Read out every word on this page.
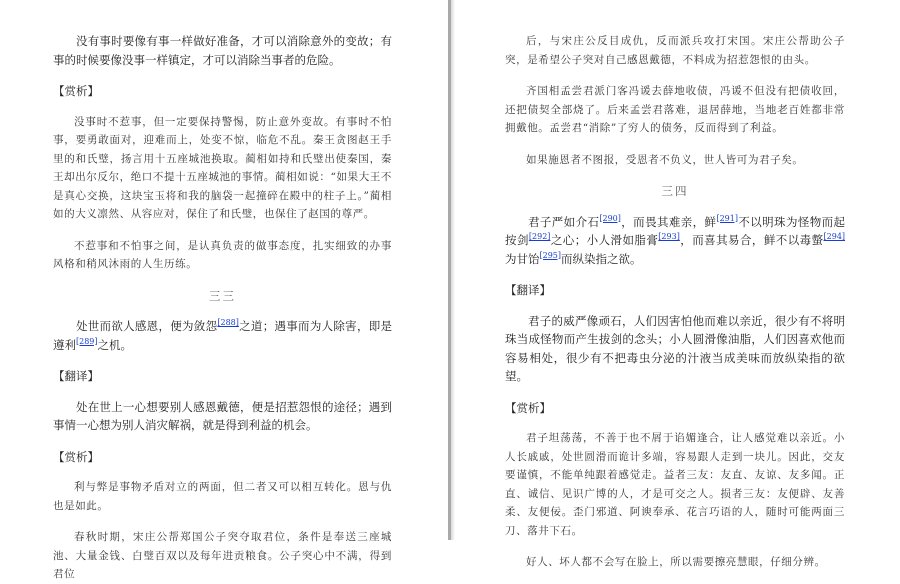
没有事时要像有事一样做好准备，才可以消除意外的变故；有事的时候要像没事一样镇定，才可以消除当事者的危险。

【赏析】

没事时不惹事，但一定要保持警惕，防止意外变故。有事时不怕事，要勇敢面对，迎难而上，处变不惊，临危不乱。秦王贪图赵王手里的和氏璧，扬言用十五座城池换取。蔺相如持和氏璧出使秦国，秦王却出尔反尔，绝口不提十五座城池的事情。蔺相如说：“如果大王不是真心交换，这块宝玉将和我的脑袋一起撞碎在殿中的柱子上。”蔺相如的大义凛然、从容应对，保住了和氏璧，也保住了赵国的尊严。

不惹事和不怕事之间，是认真负责的做事态度，扎实细致的办事风格和稍风沐雨的人生历练。

三三

处世而欲人感恩，便为敛怨[288]之道；遇事而为人除害，即是遵利[289]之机。

【翻译】

处在世上一心想要别人感恩戴德，便是招惹怨恨的途径；遇到事情一心想为别人消灾解祸，就是得到利益的机会。

【赏析】

利与弊是事物矛盾对立的两面，但二者又可以相互转化。恩与仇也是如此。

春秋时期，宋庄公帮郑国公子突夺取君位，条件是奉送三座城池、大量金钱、白璧百双以及每年进贡粮食。公子突心中不满，得到君位

后，与宋庄公反目成仇，反而派兵攻打宋国。宋庄公帮助公子突，是希望公子突对自己感恩戴德，不料成为招惹怨恨的由头。

齐国相孟尝君派门客冯谖去薛地收债，冯谖不但没有把债收回，还把债契全部烧了。后来孟尝君落难，退居薛地，当地老百姓都非常拥戴他。孟尝君“消除”了穷人的债务，反而得到了利益。

如果施恩者不图报，受恩者不负义，世人皆可为君子矣。

三四

君子严如介石[290]，而畏其难亲，鲜[291]不以明珠为怪物而起按剑[292]之心；小人滑如脂膏[293]，而喜其易合，鲜不以毒螫[294]为甘饴[295]而纵染指之欲。

【翻译】

君子的威严像顽石，人们因害怕他而难以亲近，很少有不将明珠当成怪物而产生拔剑的念头；小人圆滑像油脂，人们因喜欢他而容易相处，很少有不把毒虫分泌的汁液当成美味而放纵染指的欲望。

【赏析】

君子坦荡荡，不善于也不屑于谄媚逢合，让人感觉难以亲近。小人长戚戚，处世圆滑而诡计多端，容易跟人走到一块儿。因此，交友要谨慎，不能单纯跟着感觉走。益者三友：友直、友谅、友多闻。正直、诚信、见识广博的人，才是可交之人。损者三友：友便辟、友善柔、友便佞。歪门邪道、阿谀奉承、花言巧语的人，随时可能两面三刀、落井下石。

好人、坏人都不会写在脸上，所以需要擦亮慧眼，仔细分辨。
